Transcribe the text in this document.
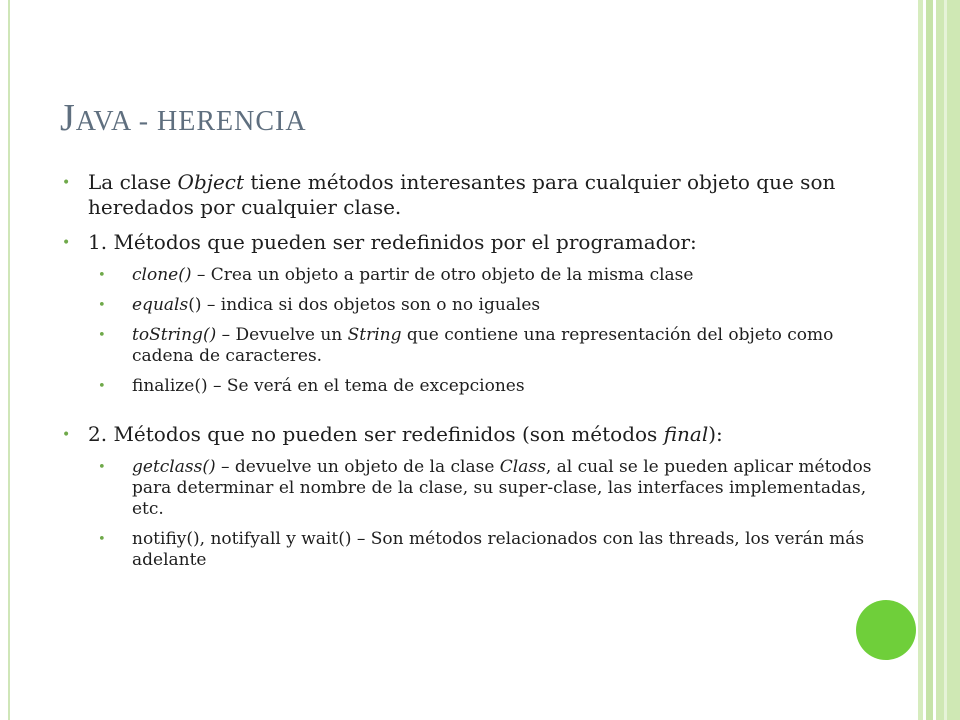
JAVA - HERENCIA
• La clase Object tiene métodos interesantes para cualquier objeto que son heredados por cualquier clase.
• 1. Métodos que pueden ser redefinidos por el programador:
• clone() – Crea un objeto a partir de otro objeto de la misma clase
• equals() – indica si dos objetos son o no iguales
• toString() – Devuelve un String que contiene una representación del objeto como cadena de caracteres.
• finalize() – Se verá en el tema de excepciones
• 2. Métodos que no pueden ser redefinidos (son métodos final):
• getclass() – devuelve un objeto de la clase Class, al cual se le pueden aplicar métodos para determinar el nombre de la clase, su super-clase, las interfaces implementadas, etc.
• notifiy(), notifyall y wait() – Son métodos relacionados con las threads, los verán más adelante
